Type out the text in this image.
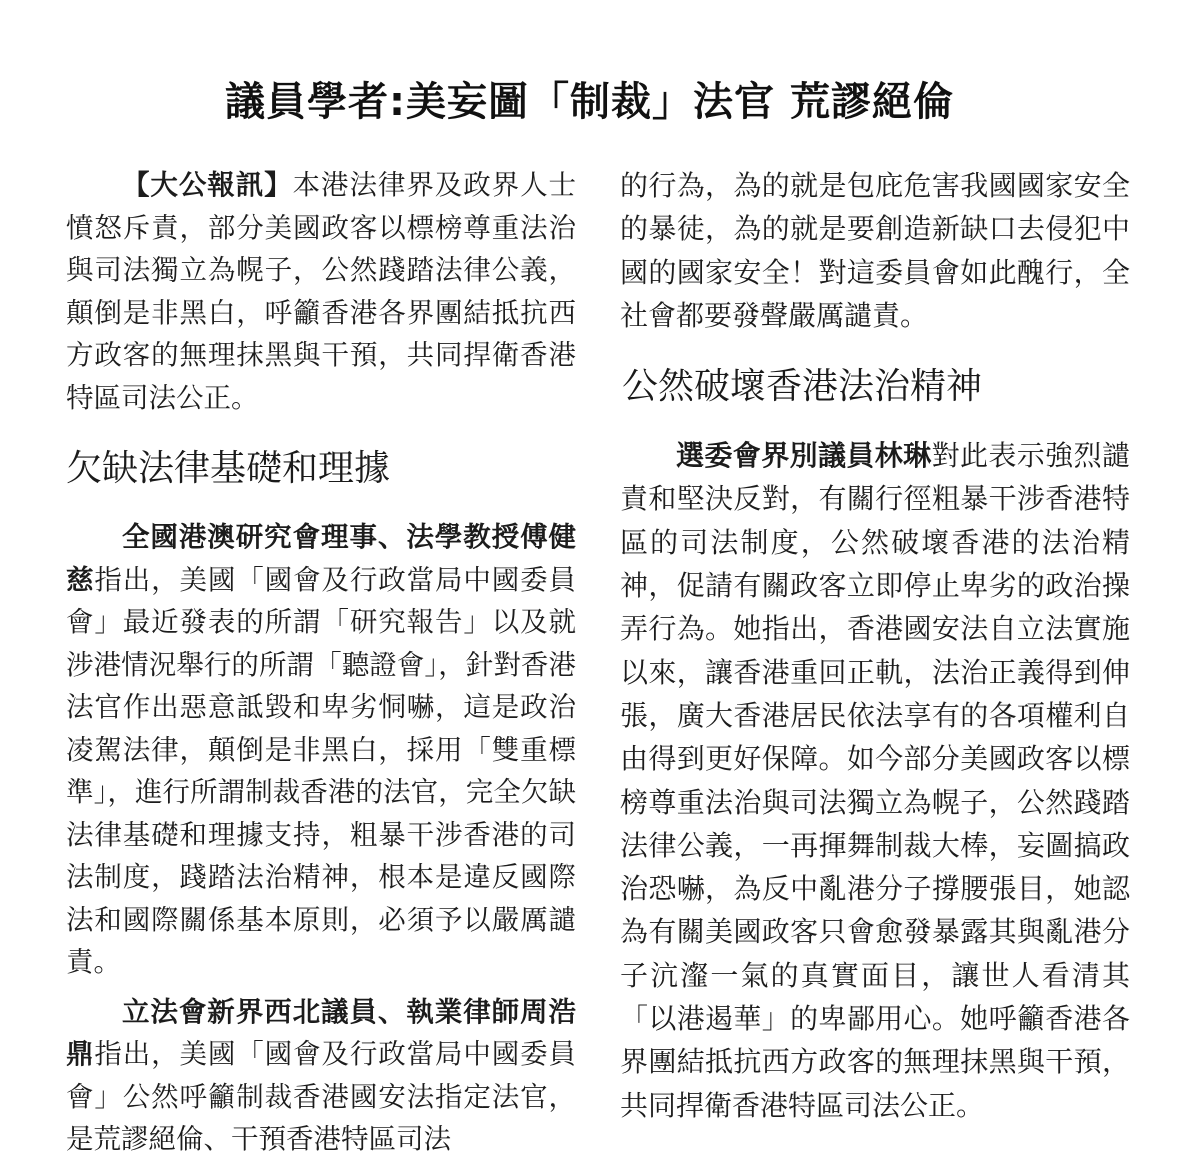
議員學者:美妄圖「制裁」法官 荒謬絕倫

【大公報訊】本港法律界及政界人士憤怒斥責，部分美國政客以標榜尊重法治與司法獨立為幌子，公然踐踏法律公義，顛倒是非黑白，呼籲香港各界團結抵抗西方政客的無理抹黑與干預，共同捍衛香港特區司法公正。

欠缺法律基礎和理據

全國港澳研究會理事、法學教授傅健慈指出，美國「國會及行政當局中國委員會」最近發表的所謂「研究報告」以及就涉港情況舉行的所謂「聽證會」，針對香港法官作出惡意詆毀和卑劣恫嚇，這是政治凌駕法律，顛倒是非黑白，採用「雙重標準」，進行所謂制裁香港的法官，完全欠缺法律基礎和理據支持，粗暴干涉香港的司法制度，踐踏法治精神，根本是違反國際法和國際關係基本原則，必須予以嚴厲譴責。

立法會新界西北議員、執業律師周浩鼎指出，美國「國會及行政當局中國委員會」公然呼籲制裁香港國安法指定法官，是荒謬絕倫、干預香港特區司法

的行為，為的就是包庇危害我國國家安全的暴徒，為的就是要創造新缺口去侵犯中國的國家安全！對這委員會如此醜行，全社會都要發聲嚴厲譴責。

公然破壞香港法治精神

選委會界別議員林琳對此表示強烈譴責和堅決反對，有關行徑粗暴干涉香港特區的司法制度，公然破壞香港的法治精神，促請有關政客立即停止卑劣的政治操弄行為。她指出，香港國安法自立法實施以來，讓香港重回正軌，法治正義得到伸張，廣大香港居民依法享有的各項權利自由得到更好保障。如今部分美國政客以標榜尊重法治與司法獨立為幌子，公然踐踏法律公義，一再揮舞制裁大棒，妄圖搞政治恐嚇，為反中亂港分子撐腰張目，她認為有關美國政客只會愈發暴露其與亂港分子沆瀣一氣的真實面目，讓世人看清其「以港遏華」的卑鄙用心。她呼籲香港各界團結抵抗西方政客的無理抹黑與干預，共同捍衛香港特區司法公正。
